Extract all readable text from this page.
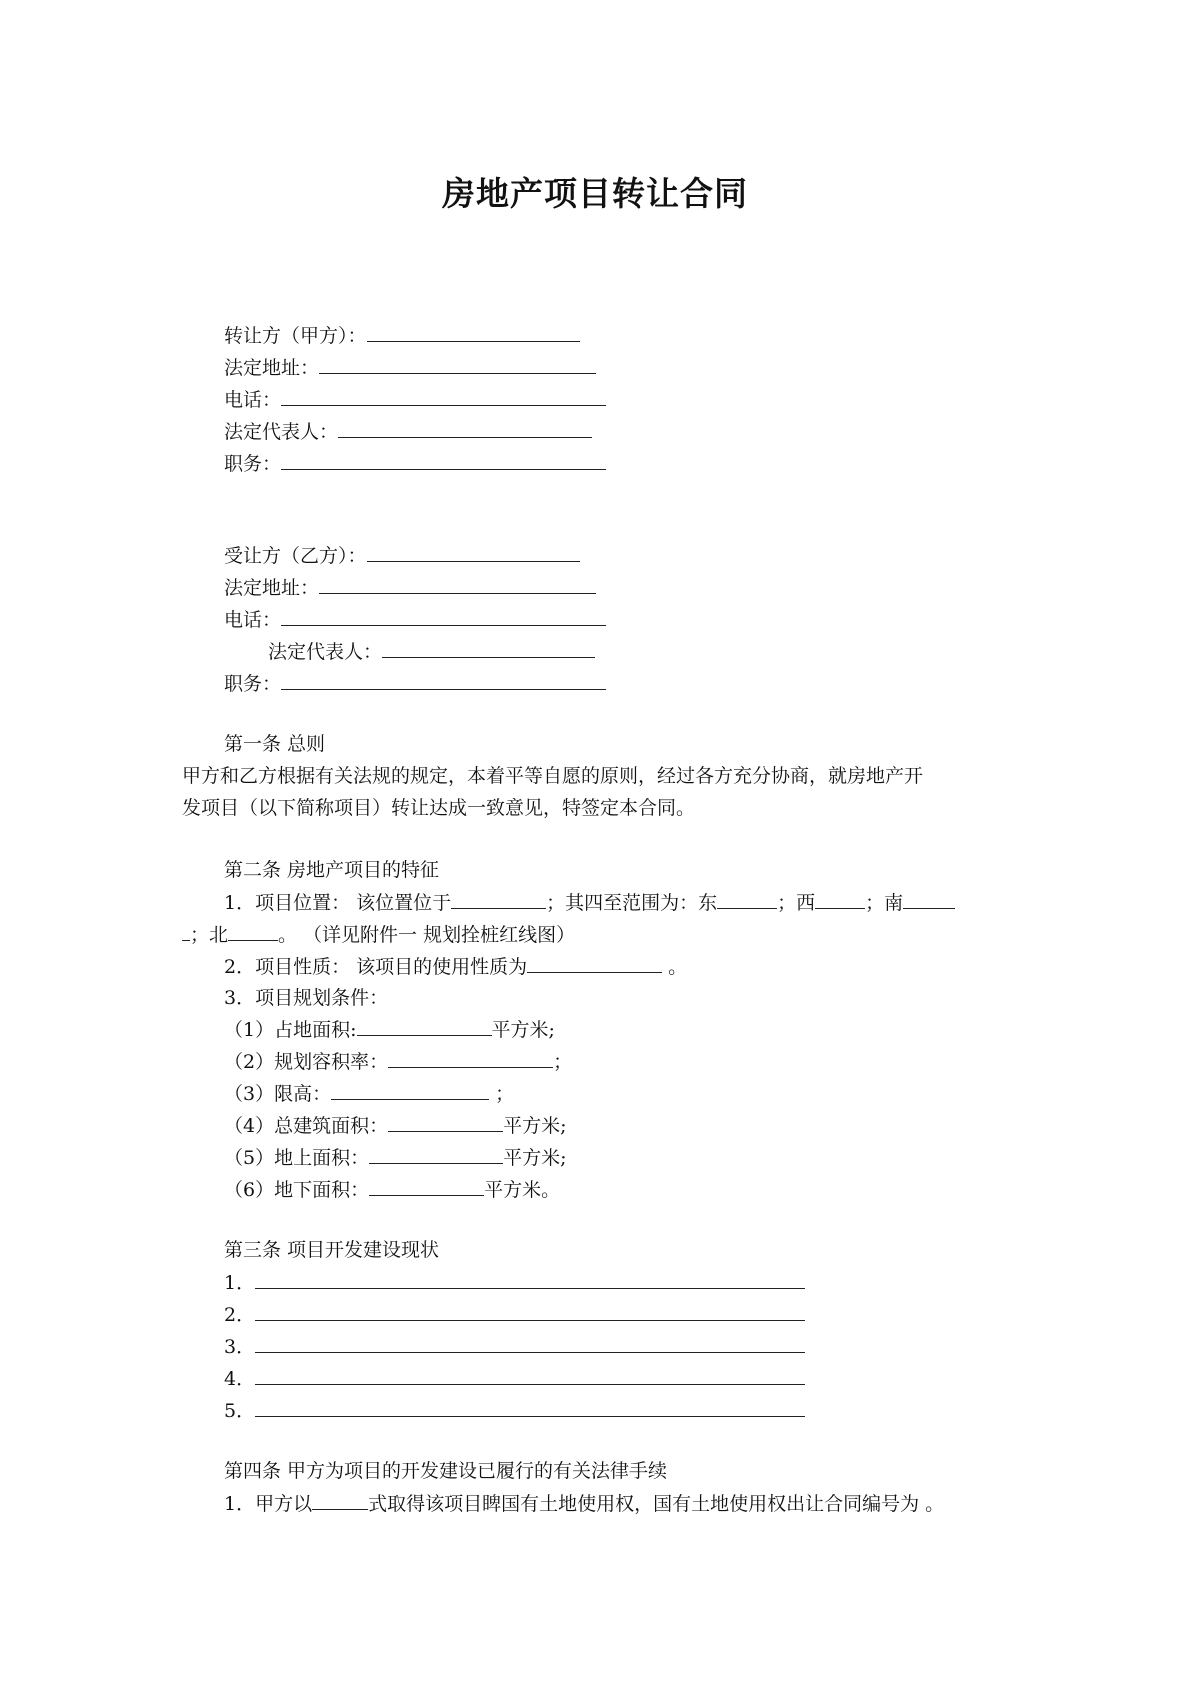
房地产项目转让合同
转让方（甲方）：
法定地址：
电话：
法定代表人：
职务：
受让方（乙方）：
法定地址：
电话：
法定代表人：
职务：
第一条 总则
甲方和乙方根据有关法规的规定，本着平等自愿的原则，经过各方充分协商，就房地产开
发项目（以下简称项目）转让达成一致意见，特签定本合同。
第二条 房地产项目的特征
1．项目位置： 该位置位于	；其四至范围为：东	；西	；南
；北	。 （详见附件一 规划拴桩红线图）
2．项目性质： 该项目的使用性质为	。
3．项目规划条件：
（1）占地面积:	平方米;
（2）规划容积率：	；
（3）限高：	；
（4）总建筑面积：	平方米;
（5）地上面积：	平方米;
（6）地下面积：	平方米。
第三条 项目开发建设现状
1．
2．
3．
4．
5．
第四条 甲方为项目的开发建设已履行的有关法律手续
1．甲方以	式取得该项目睥国有土地使用权，国有土地使用权出让合同编号为 。
